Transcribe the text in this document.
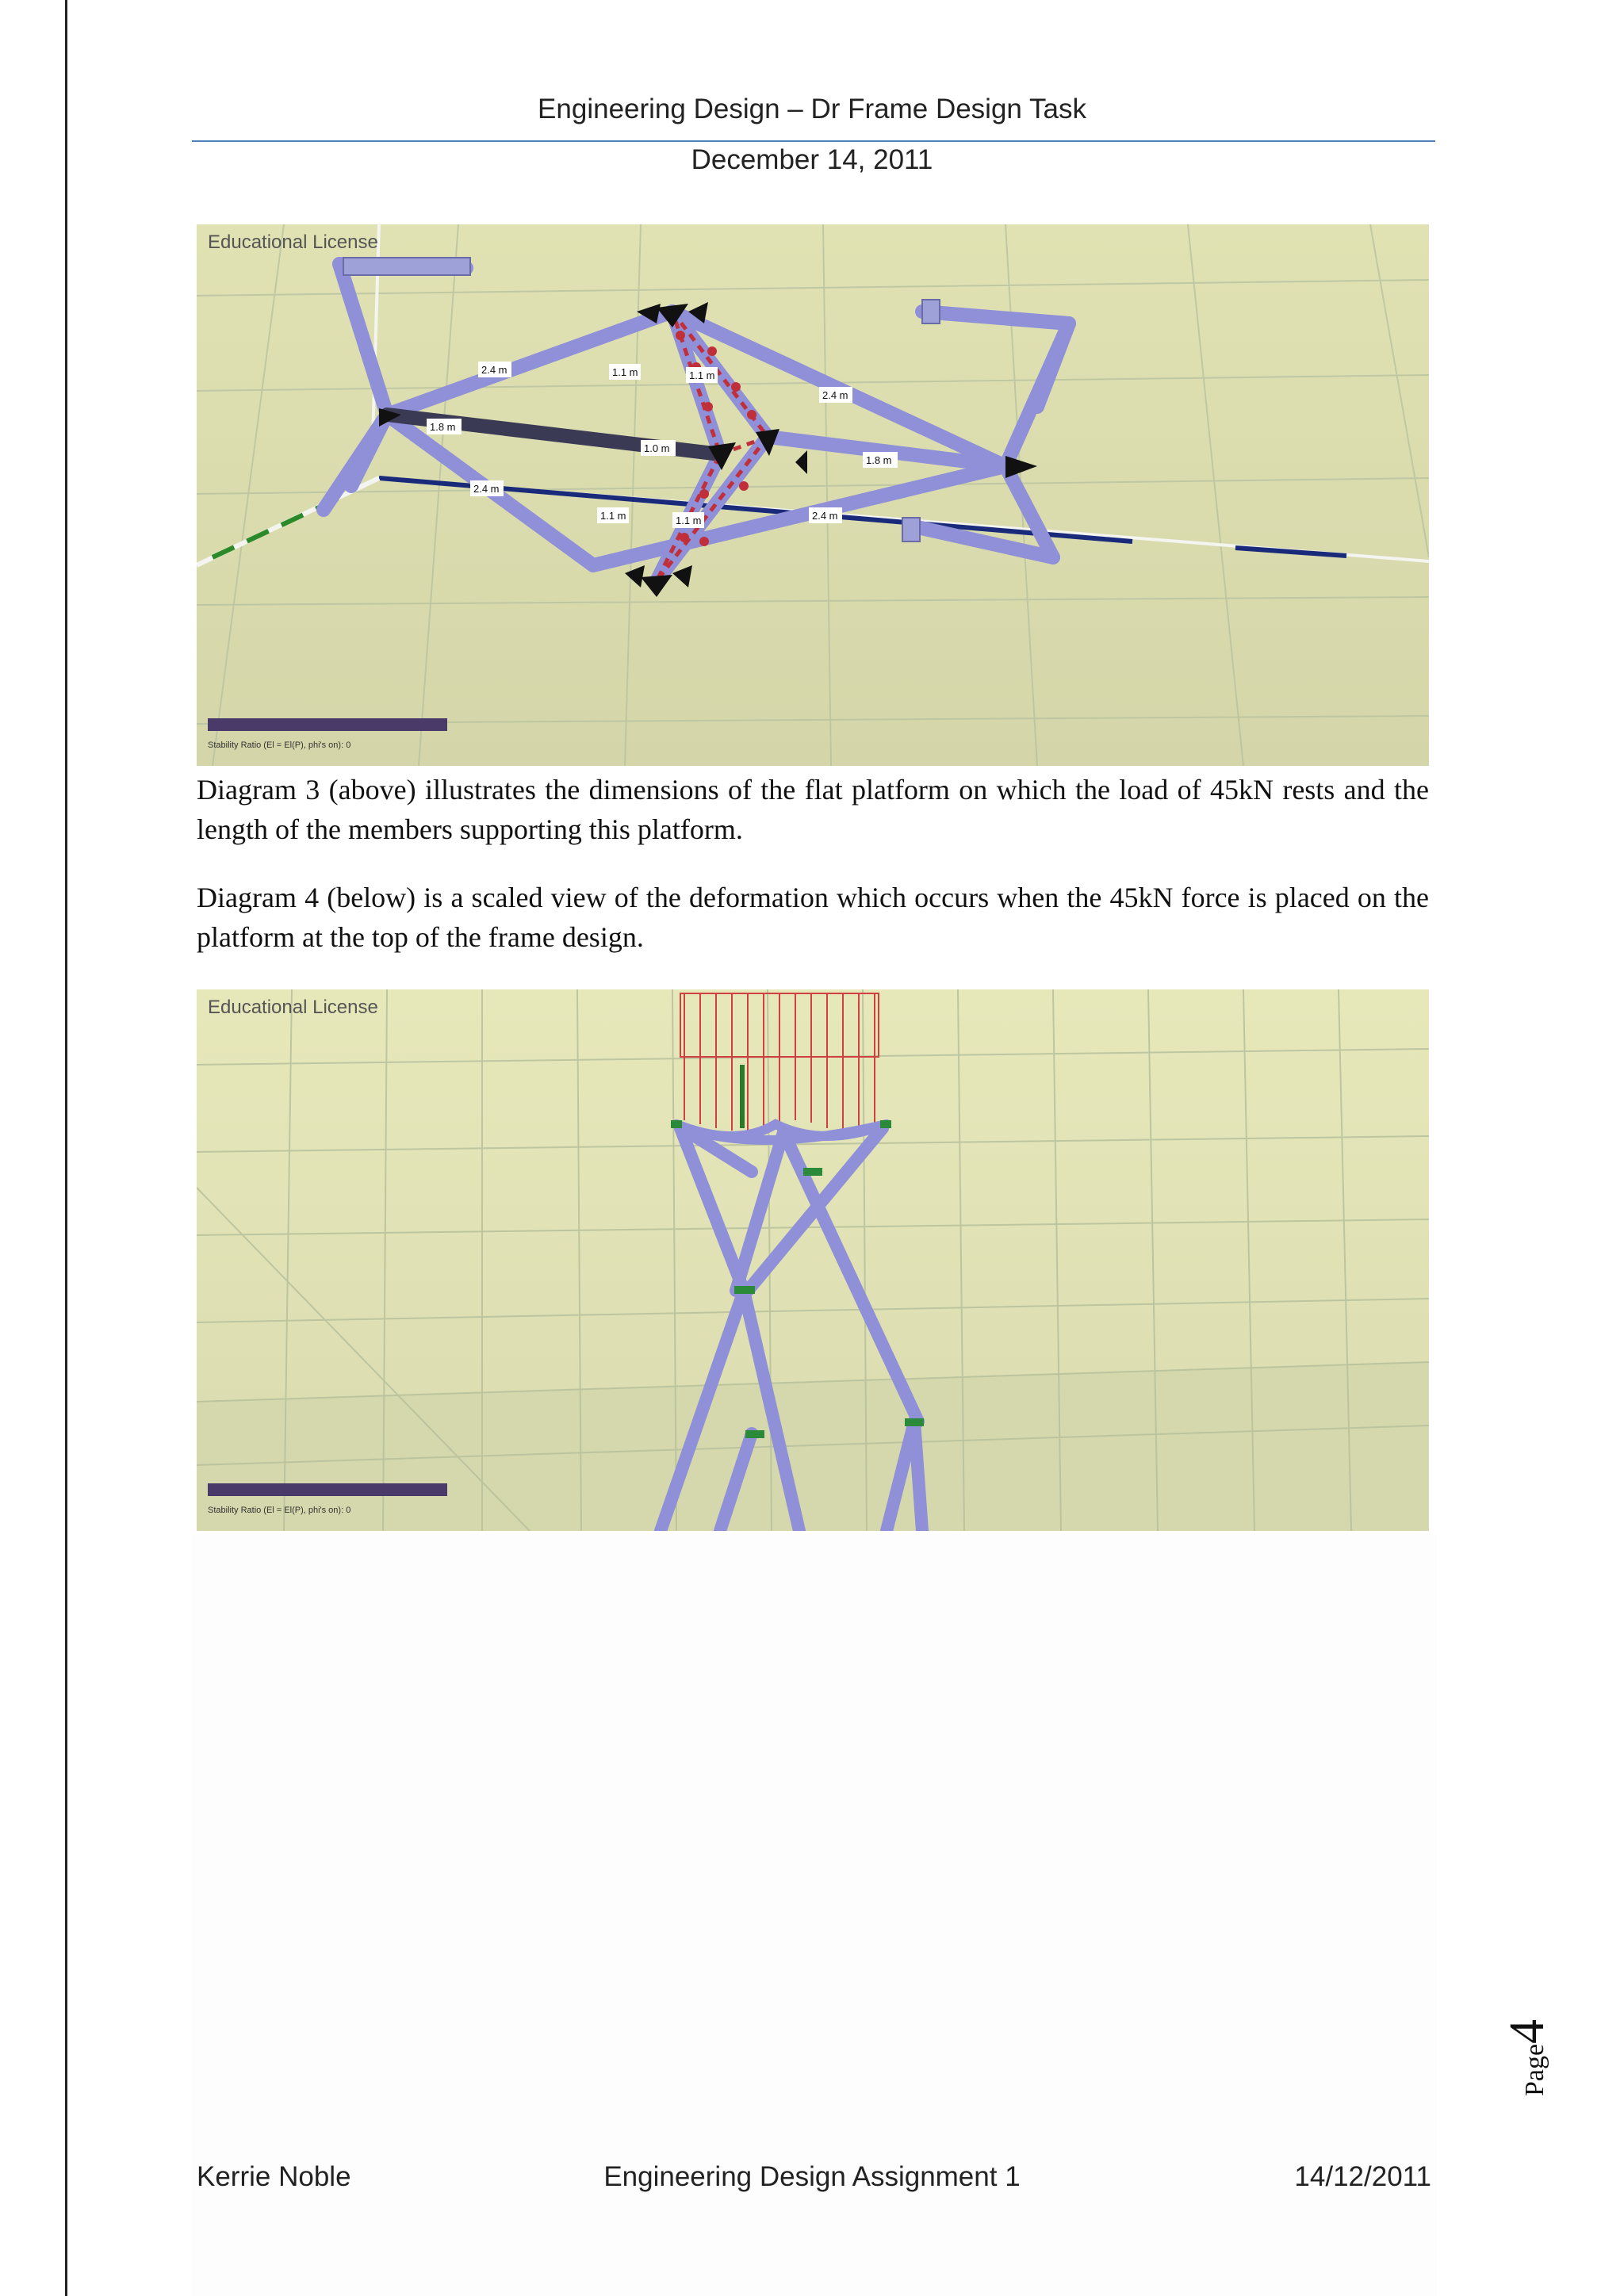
Engineering Design – Dr Frame Design Task
December 14, 2011
2.4 m	1.1 m	1.1 m
2.4 m
1.8 m
1.0 m
1.8 m
2.4 m
1.1 m	1.1 m	2.4 m
Educational License
Stability Ratio (El = El(P), phi's on): 0

Diagram 3 (above) illustrates the dimensions of the flat platform on which the load of 45kN rests and the length of the members supporting this platform.

Diagram 4 (below) is a scaled view of the deformation which occurs when the 45kN force is placed on the platform at the top of the frame design.

Educational License
Stability Ratio (El = El(P), phi's on): 0
Page4
Kerrie Noble	Engineering Design Assignment 1	14/12/2011
